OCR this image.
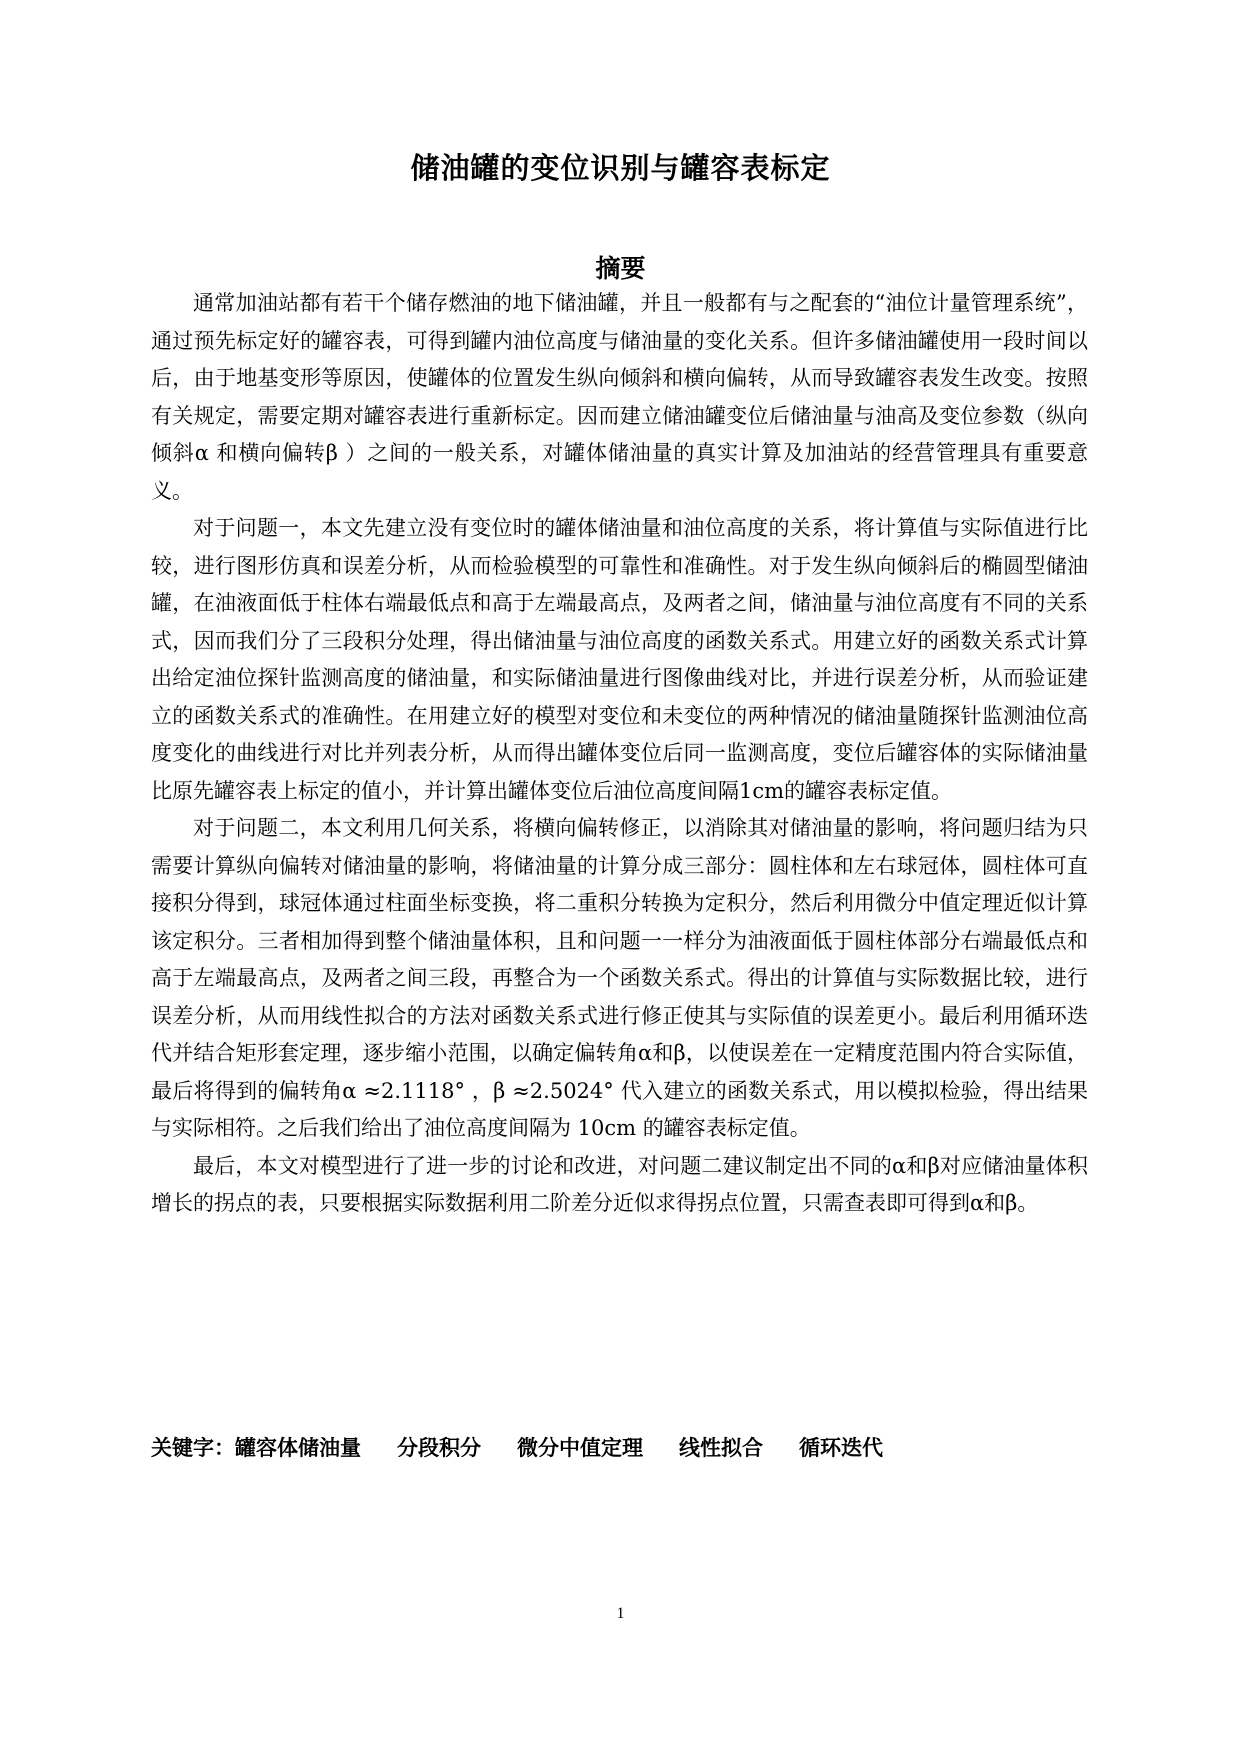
储油罐的变位识别与罐容表标定
摘要

通常加油站都有若干个储存燃油的地下储油罐，并且一般都有与之配套的“油位计量管理系统”，通过预先标定好的罐容表，可得到罐内油位高度与储油量的变化关系。但许多储油罐使用一段时间以后，由于地基变形等原因，使罐体的位置发生纵向倾斜和横向偏转，从而导致罐容表发生改变。按照有关规定，需要定期对罐容表进行重新标定。因而建立储油罐变位后储油量与油高及变位参数（纵向倾斜α 和横向偏转β ）之间的一般关系，对罐体储油量的真实计算及加油站的经营管理具有重要意义。

对于问题一，本文先建立没有变位时的罐体储油量和油位高度的关系，将计算值与实际值进行比较，进行图形仿真和误差分析，从而检验模型的可靠性和准确性。对于发生纵向倾斜后的椭圆型储油罐，在油液面低于柱体右端最低点和高于左端最高点，及两者之间，储油量与油位高度有不同的关系式，因而我们分了三段积分处理，得出储油量与油位高度的函数关系式。用建立好的函数关系式计算出给定油位探针监测高度的储油量，和实际储油量进行图像曲线对比，并进行误差分析，从而验证建立的函数关系式的准确性。在用建立好的模型对变位和未变位的两种情况的储油量随探针监测油位高度变化的曲线进行对比并列表分析，从而得出罐体变位后同一监测高度，变位后罐容体的实际储油量比原先罐容表上标定的值小，并计算出罐体变位后油位高度间隔1cm的罐容表标定值。

对于问题二，本文利用几何关系，将横向偏转修正，以消除其对储油量的影响，将问题归结为只需要计算纵向偏转对储油量的影响，将储油量的计算分成三部分：圆柱体和左右球冠体，圆柱体可直接积分得到，球冠体通过柱面坐标变换，将二重积分转换为定积分，然后利用微分中值定理近似计算该定积分。三者相加得到整个储油量体积，且和问题一一样分为油液面低于圆柱体部分右端最低点和高于左端最高点，及两者之间三段，再整合为一个函数关系式。得出的计算值与实际数据比较，进行误差分析，从而用线性拟合的方法对函数关系式进行修正使其与实际值的误差更小。最后利用循环迭代并结合矩形套定理，逐步缩小范围，以确定偏转角α和β，以使误差在一定精度范围内符合实际值，最后将得到的偏转角α ≈2.1118° ，β ≈2.5024° 代入建立的函数关系式，用以模拟检验，得出结果与实际相符。之后我们给出了油位高度间隔为 10cm 的罐容表标定值。

最后，本文对模型进行了进一步的讨论和改进，对问题二建议制定出不同的α和β对应储油量体积增长的拐点的表，只要根据实际数据利用二阶差分近似求得拐点位置，只需查表即可得到α和β。

关键字：罐容体储油量 分段积分 微分中值定理 线性拟合 循环迭代
1
